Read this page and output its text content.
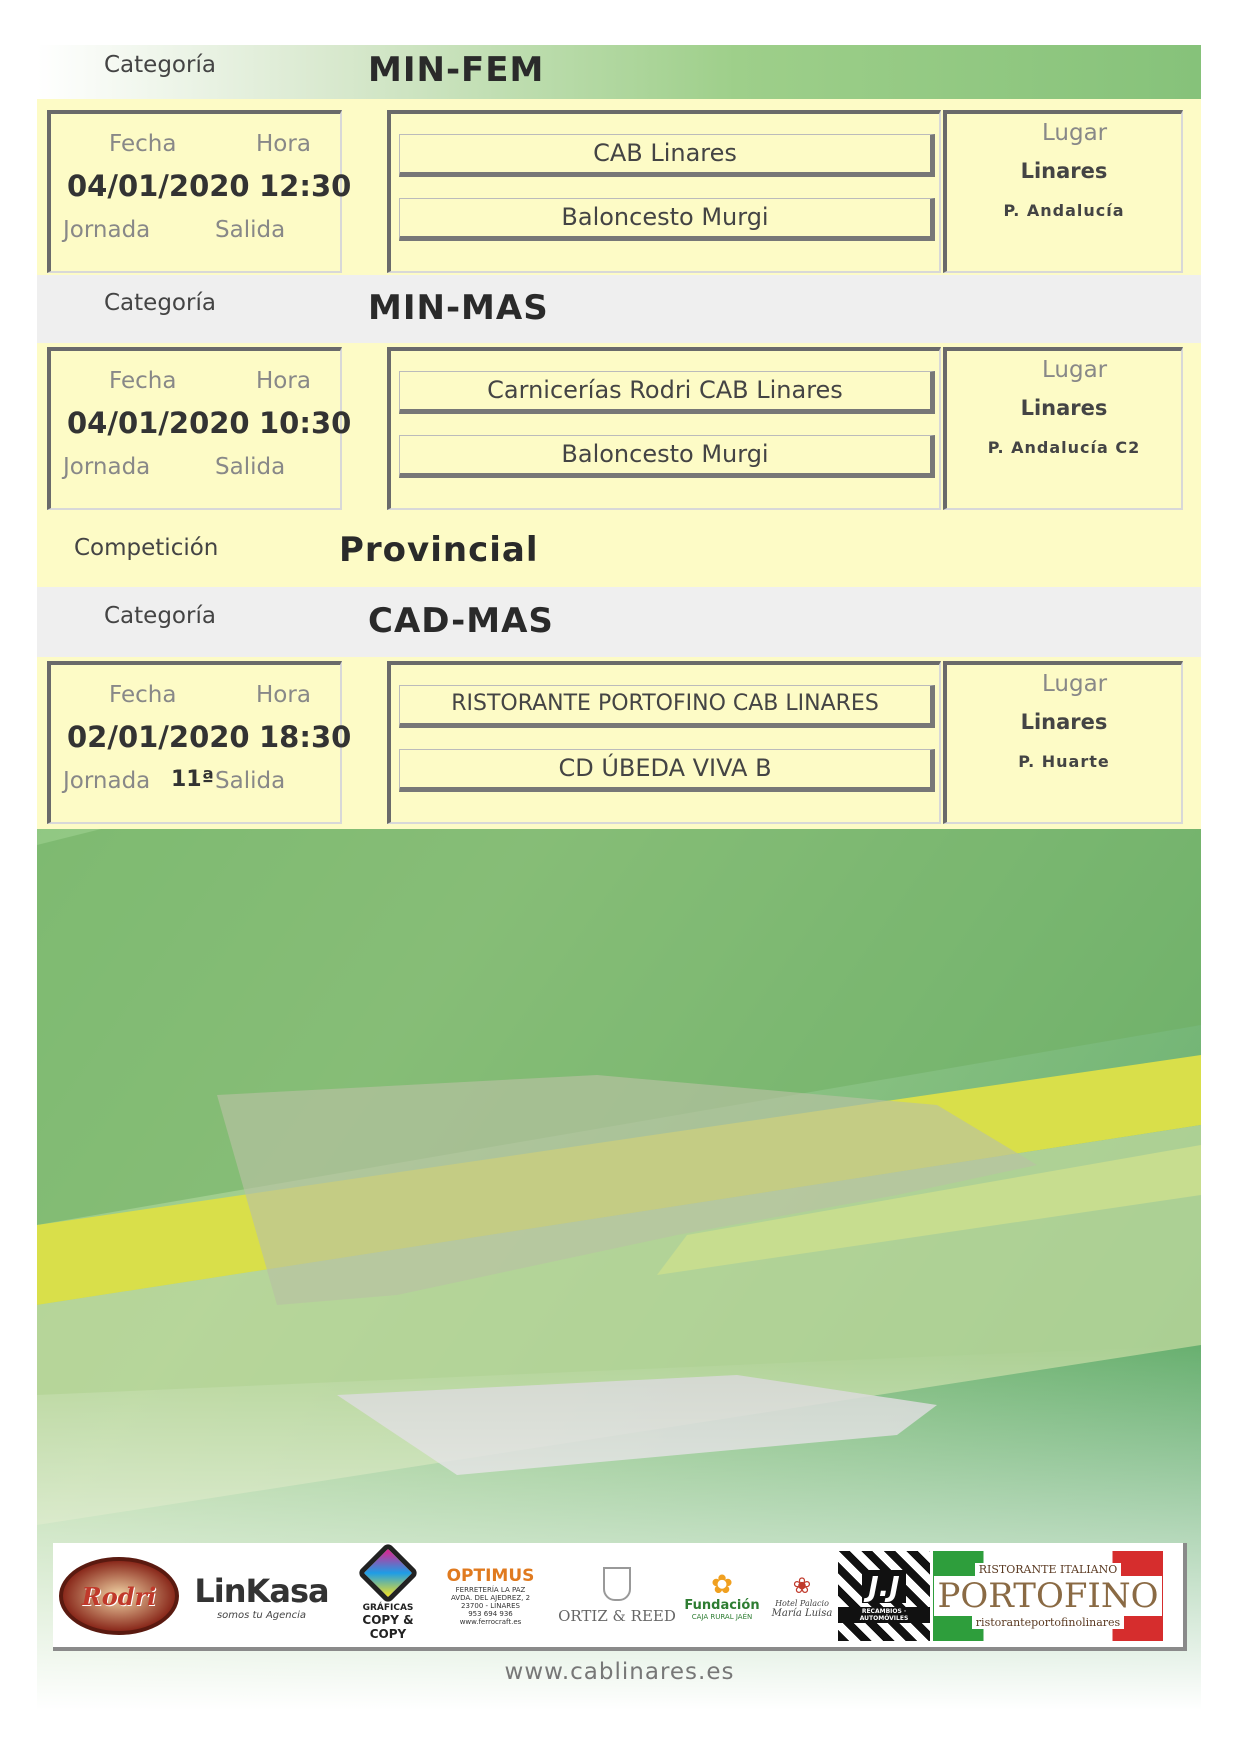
Categoría	MIN-FEM
Fecha	Hora
04/01/2020 12:30
Jornada	Salida
CAB Linares
Baloncesto Murgi
Lugar
Linares
P. Andalucía
Categoría	MIN-MAS
Fecha	Hora
04/01/2020 10:30
Jornada	Salida
Carnicerías Rodri CAB Linares
Baloncesto Murgi
Lugar
Linares
P. Andalucía C2
Competición	Provincial
Categoría	CAD-MAS
Fecha	Hora
02/01/2020 18:30
Jornada 11ª Salida
RISTORANTE PORTOFINO CAB LINARES
CD ÚBEDA VIVA B
Lugar
Linares
P. Huarte
Rodri LinKasa
somos tu Agencia
GRÁFICAS
COPY & COPY
OPTIMUS
FERRETERÍA LA PAZ
AVDA. DEL AJEDREZ, 2
23700 - LINARES
953 694 936
www.ferrocraft.es ORTIZ & REED
✿
Fundación
CAJA RURAL JAÉN
❀
Hotel Palacio
María Luisa
J.J
RECAMBIOS · AUTOMÓVILES
RISTORANTE ITALIANO
PORTOFINO
ristoranteportofinolinares
www.cablinares.es
